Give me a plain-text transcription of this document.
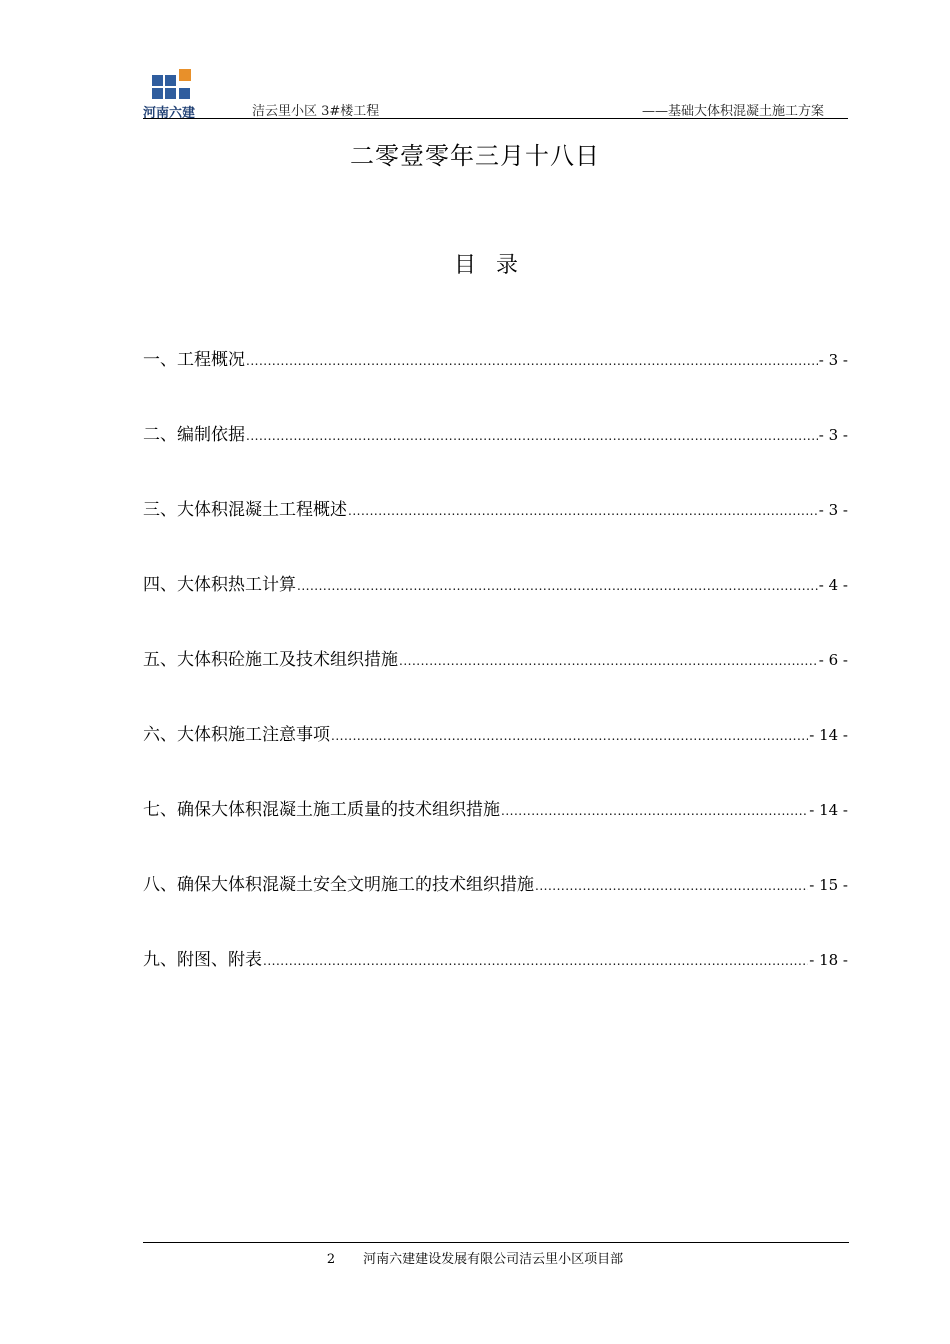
河南六建	洁云里小区 3#楼工程	——基础大体积混凝土施工方案
二零壹零年三月十八日
目录
一、工程概况 .....	- 3 -
二、编制依据 .....	- 3 -
三、大体积混凝土工程概述 .....	- 3 -
四、大体积热工计算 .....	- 4 -
五、大体积砼施工及技术组织措施 .....	- 6 -
六、大体积施工注意事项 .....	- 14 -
七、确保大体积混凝土施工质量的技术组织措施 .....	- 14 -
八、确保大体积混凝土安全文明施工的技术组织措施 .....	- 15 -
九、附图、附表 .....	- 18 -
2 河南六建建设发展有限公司洁云里小区项目部
